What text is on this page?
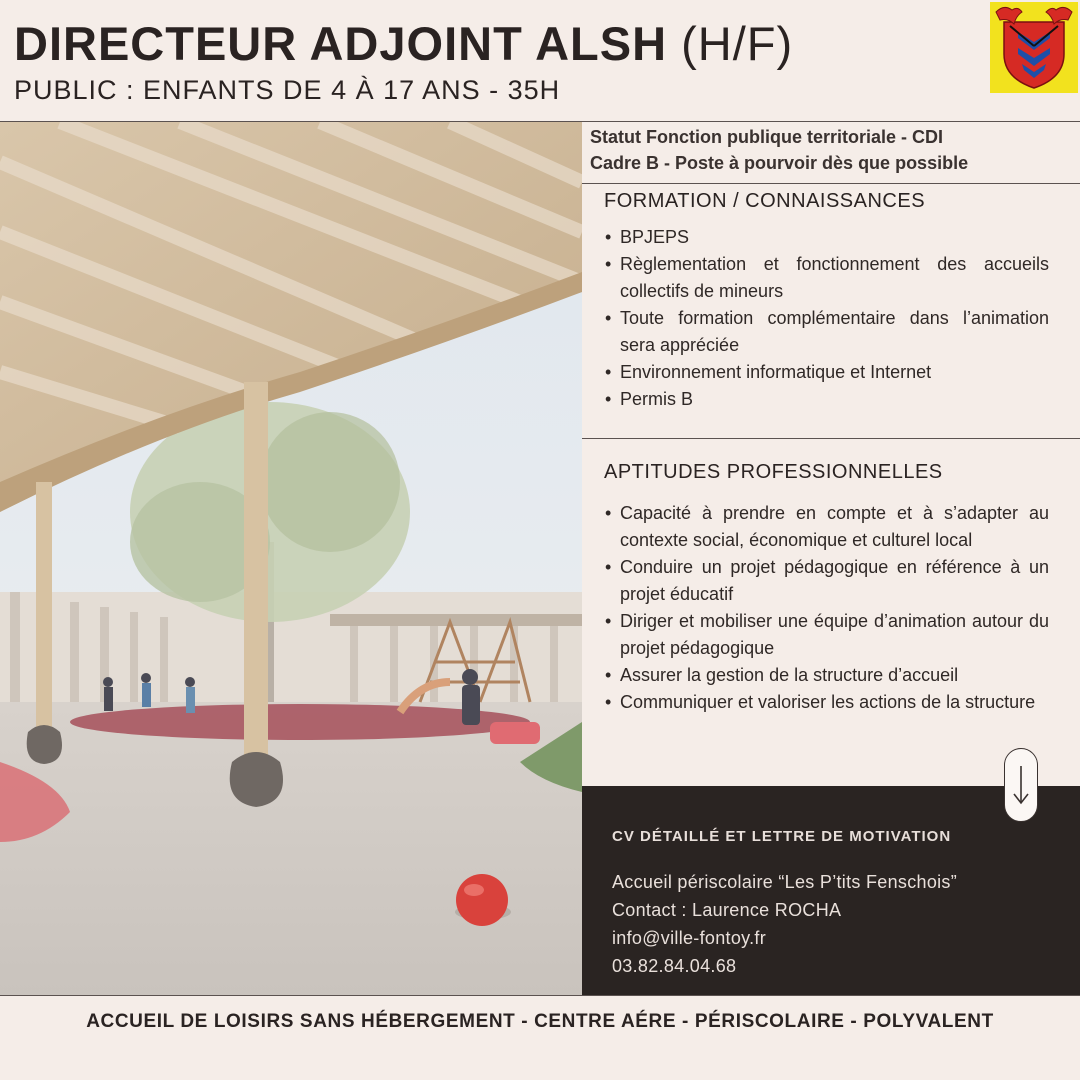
DIRECTEUR ADJOINT ALSH (H/F)

PUBLIC : ENFANTS DE 4 À 17 ANS - 35H

Statut Fonction publique territoriale - CDI
Cadre B - Poste à pourvoir dès que possible
FORMATION / CONNAISSANCES
• BPJEPS
• Règlementation et fonctionnement des accueils collectifs de mineurs
• Toute formation complémentaire dans l’animation sera appréciée
• Environnement informatique et Internet
• Permis B
APTITUDES PROFESSIONNELLES
• Capacité à prendre en compte et à s’adapter au contexte social, économique et culturel local
• Conduire un projet pédagogique en référence à un projet éducatif
• Diriger et mobiliser une équipe d’animation autour du projet pédagogique
• Assurer la gestion de la structure d’accueil
• Communiquer et valoriser les actions de la structure
CV DÉTAILLÉ ET LETTRE DE MOTIVATION
Accueil périscolaire “Les P’tits Fenschois”
Contact : Laurence ROCHA
info@ville-fontoy.fr
03.82.84.04.68
ACCUEIL DE LOISIRS SANS HÉBERGEMENT - CENTRE AÉRE - PÉRISCOLAIRE - POLYVALENT
